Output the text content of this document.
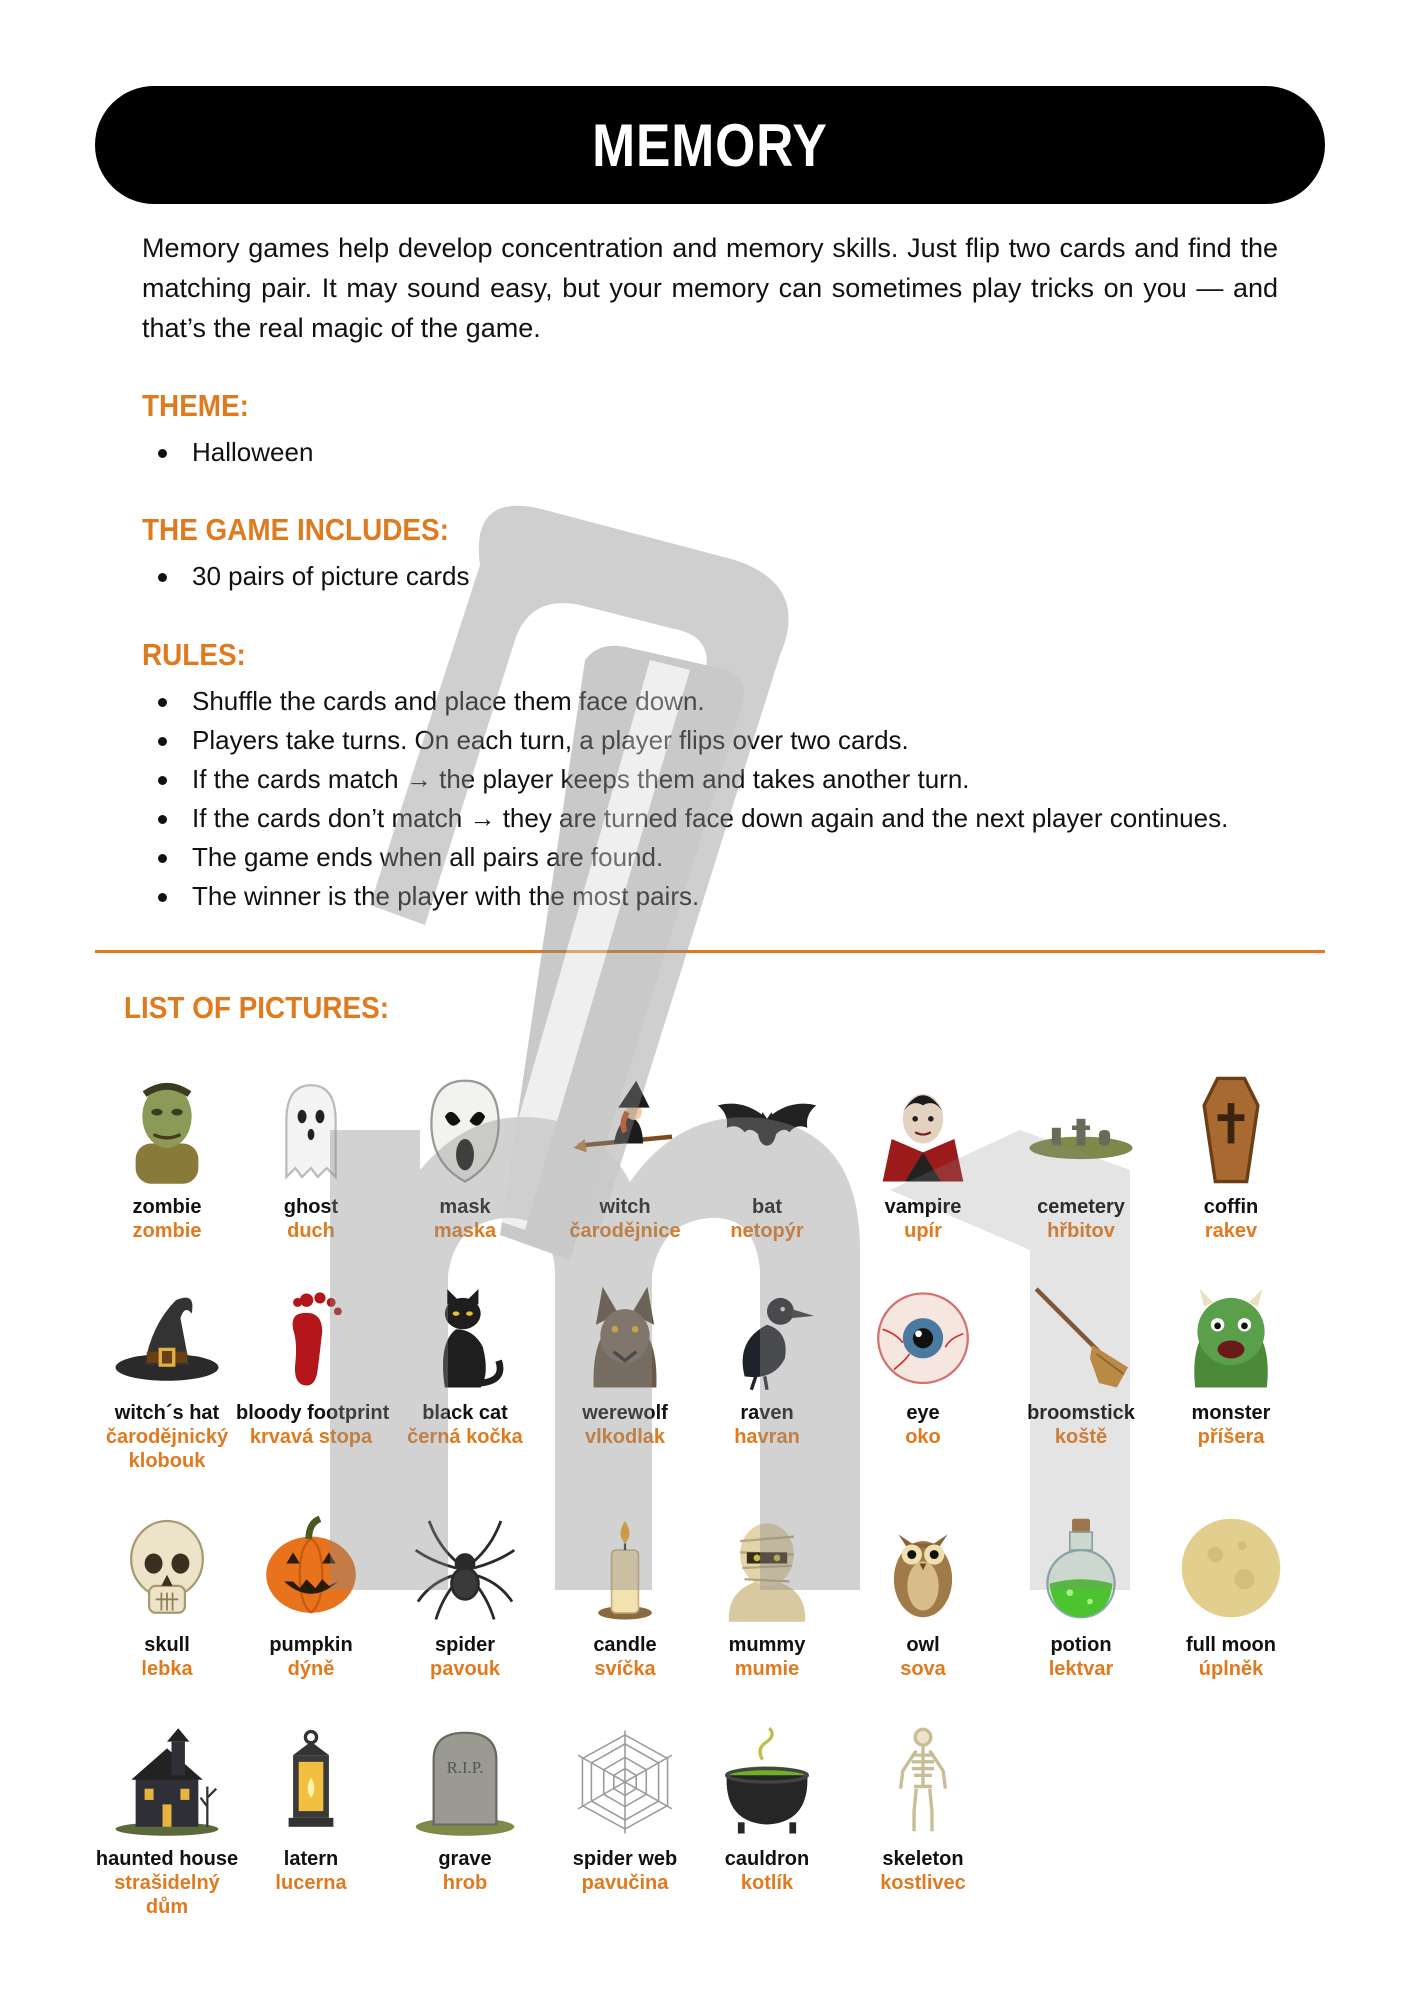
MEMORY

Memory games help develop concentration and memory skills. Just flip two cards and find the matching pair. It may sound easy, but your memory can sometimes play tricks on you — and that’s the real magic of the game.

THEME:
Halloween
THE GAME INCLUDES:
30 pairs of picture cards
RULES:
Shuffle the cards and place them face down.
Players take turns. On each turn, a player flips over two cards.
If the cards match → the player keeps them and takes another turn.
If the cards don’t match → they are turned face down again and the next player continues.
The game ends when all pairs are found.
The winner is the player with the most pairs.
LIST OF PICTURES:
zombie
zombie
ghost
duch
mask
maska
witch
čarodějnice
bat
netopýr
vampire
upír
cemetery
hřbitov
coffin
rakev
witch´s hat
čarodějnický klobouk
bloody footprint
krvavá stopa
black cat
černá kočka
werewolf
vlkodlak
raven
havran
eye
oko
broomstick
koště
monster
příšera
skull
lebka
pumpkin
dýně
spider
pavouk
candle
svíčka
mummy
mumie
owl
sova
potion
lektvar
full moon
úplněk
haunted house
strašidelný dům
latern
lucerna
R.I.P.
grave
hrob
spider web
pavučina
cauldron
kotlík
skeleton
kostlivec
